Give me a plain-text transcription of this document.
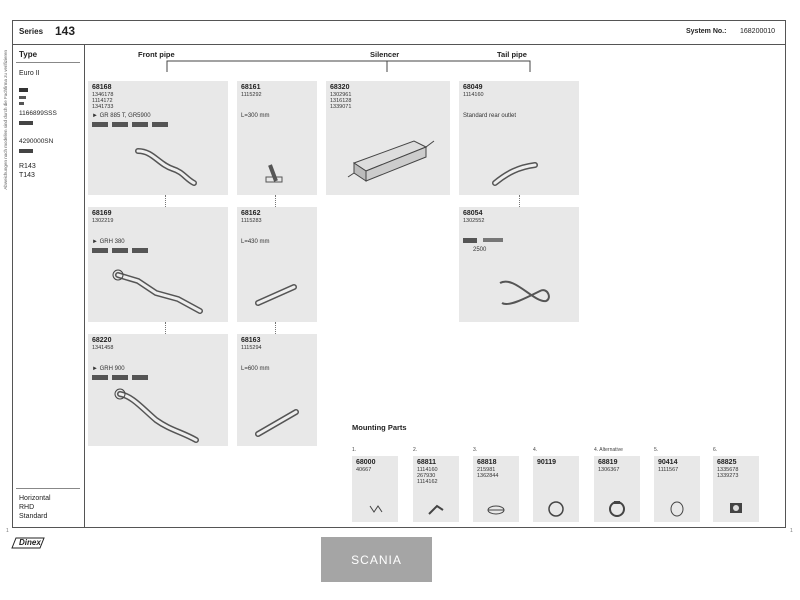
Series 143	System No.: 168200010
Abweichungen nach modellen sind durch die Fachfirma zu verifizieren Type
Euro II
1166899SSS
4290000SN
R143
T143
Horizontal
RHD
Standard
Front pipe	Silencer	Tail pipe
68168
1346178
1114172
1341733
► GR 885 T, GR5900
68161
1115292
L=300 mm
68320
1302961
1316128
1339071
68049
1114160
Standard rear outlet
68169
1302219
► GRH 380
68162
1115283
L=430 mm
68054
1302552
2500
68220
1341458
► GRH 900
68163
1115294
L=600 mm
Mounting Parts
1.	2.	3.	4.	4. Alternative	5.	6.
68000
40667
68811
1114160
267930
1114162
68818
215981
1362844
90119	68819
1306367
90414
1111567
68825
1335678
1339273
1	1
Dinex
SCANIA
